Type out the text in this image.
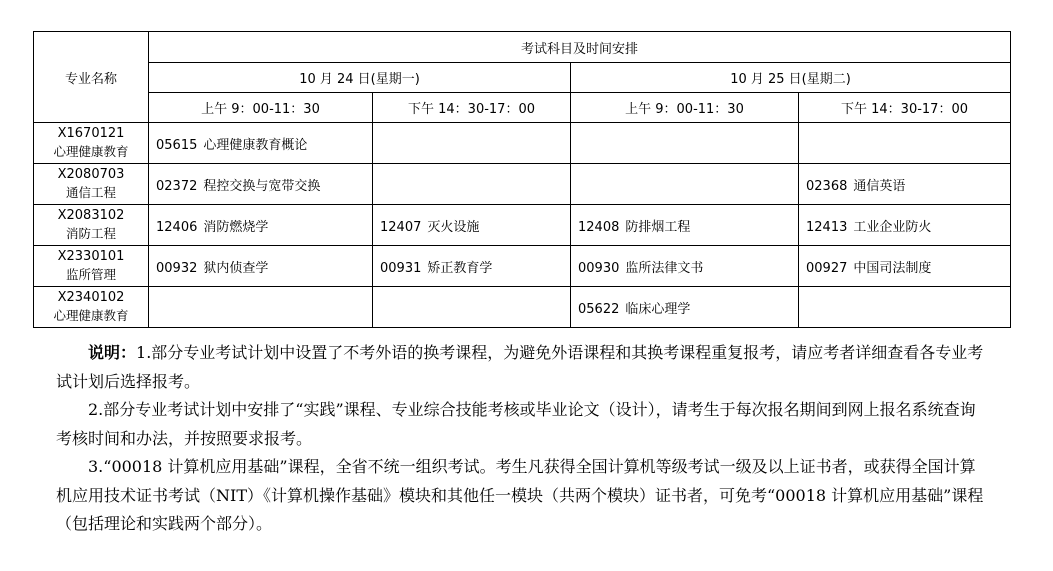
专业名称	考试科目及时间安排			
	10 月 24 日(星期一)		10 月 25 日(星期二)	
	上午 9：00-11：30	下午 14：30-17：00	上午 9：00-11：30	下午 14：30-17：00

X1670121
心理健康教育	05615 心理健康教育概论			

X2080703
通信工程	02372 程控交换与宽带交换			02368 通信英语

X2083102
消防工程	12406 消防燃烧学	12407 灭火设施	12408 防排烟工程	12413 工业企业防火

X2330101
监所管理	00932 狱内侦查学	00931 矫正教育学	00930 监所法律文书	00927 中国司法制度

X2340102
心理健康教育			05622 临床心理学	

说明：1.部分专业考试计划中设置了不考外语的换考课程，为避免外语课程和其换考课程重复报考，请应考者详细查看各专业考试计划后选择报考。

2.部分专业考试计划中安排了“实践”课程、专业综合技能考核或毕业论文（设计），请考生于每次报名期间到网上报名系统查询考核时间和办法，并按照要求报考。

3.“00018 计算机应用基础”课程，全省不统一组织考试。考生凡获得全国计算机等级考试一级及以上证书者，或获得全国计算机应用技术证书考试（NIT）《计算机操作基础》模块和其他任一模块（共两个模块）证书者，可免考“00018 计算机应用基础”课程（包括理论和实践两个部分）。
